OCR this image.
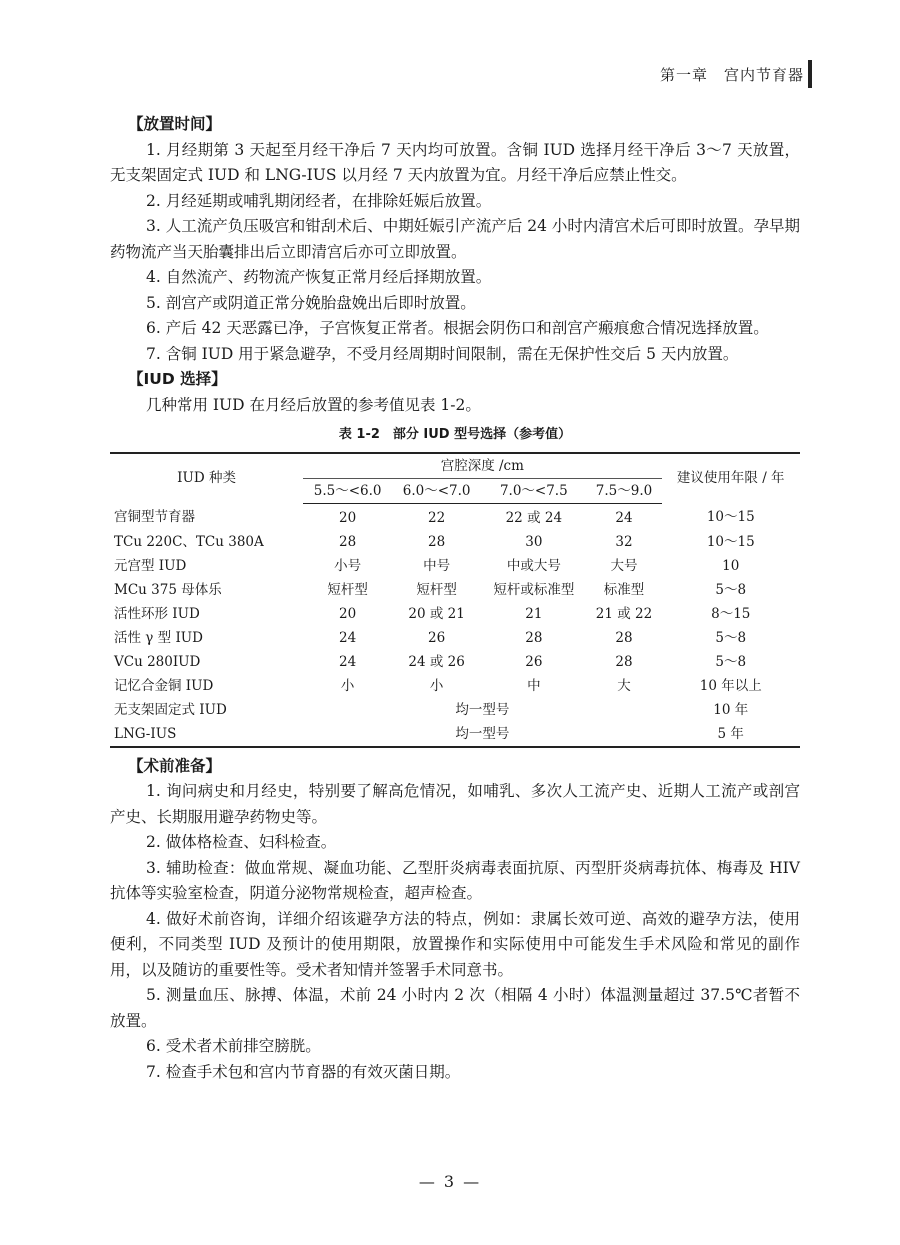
第一章　宫内节育器

【放置时间】

1. 月经期第 3 天起至月经干净后 7 天内均可放置。含铜 IUD 选择月经干净后 3～7 天放置，无支架固定式 IUD 和 LNG-IUS 以月经 7 天内放置为宜。月经干净后应禁止性交。

2. 月经延期或哺乳期闭经者，在排除妊娠后放置。

3. 人工流产负压吸宫和钳刮术后、中期妊娠引产流产后 24 小时内清宫术后可即时放置。孕早期药物流产当天胎囊排出后立即清宫后亦可立即放置。

4. 自然流产、药物流产恢复正常月经后择期放置。

5. 剖宫产或阴道正常分娩胎盘娩出后即时放置。

6. 产后 42 天恶露已净，子宫恢复正常者。根据会阴伤口和剖宫产瘢痕愈合情况选择放置。

7. 含铜 IUD 用于紧急避孕，不受月经周期时间限制，需在无保护性交后 5 天内放置。

【IUD 选择】

几种常用 IUD 在月经后放置的参考值见表 1-2。

表 1-2　部分 IUD 型号选择（参考值）

IUD 种类	宫腔深度 /cm				建议使用年限 / 年
	5.5～<6.0	6.0～<7.0	7.0～<7.5	7.5～9.0	
宫铜型节育器	20	22	22 或 24	24	10～15
TCu 220C、TCu 380A	28	28	30	32	10～15
元宫型 IUD	小号	中号	中或大号	大号	10
MCu 375 母体乐	短杆型	短杆型	短杆或标准型	标准型	5～8
活性环形 IUD	20	20 或 21	21	21 或 22	8～15
活性 γ 型 IUD	24	26	28	28	5～8
VCu 280IUD	24	24 或 26	26	28	5～8
记忆合金铜 IUD	小	小	中	大	10 年以上
无支架固定式 IUD	均一型号				10 年
LNG-IUS	均一型号				5 年

【术前准备】

1. 询问病史和月经史，特别要了解高危情况，如哺乳、多次人工流产史、近期人工流产或剖宫产史、长期服用避孕药物史等。

2. 做体格检查、妇科检查。

3. 辅助检查：做血常规、凝血功能、乙型肝炎病毒表面抗原、丙型肝炎病毒抗体、梅毒及 HIV 抗体等实验室检查，阴道分泌物常规检查，超声检查。

4. 做好术前咨询，详细介绍该避孕方法的特点，例如：隶属长效可逆、高效的避孕方法，使用便利，不同类型 IUD 及预计的使用期限，放置操作和实际使用中可能发生手术风险和常见的副作用，以及随访的重要性等。受术者知情并签署手术同意书。

5. 测量血压、脉搏、体温，术前 24 小时内 2 次（相隔 4 小时）体温测量超过 37.5℃者暂不放置。

6. 受术者术前排空膀胱。

7. 检查手术包和宫内节育器的有效灭菌日期。

— 3 —
